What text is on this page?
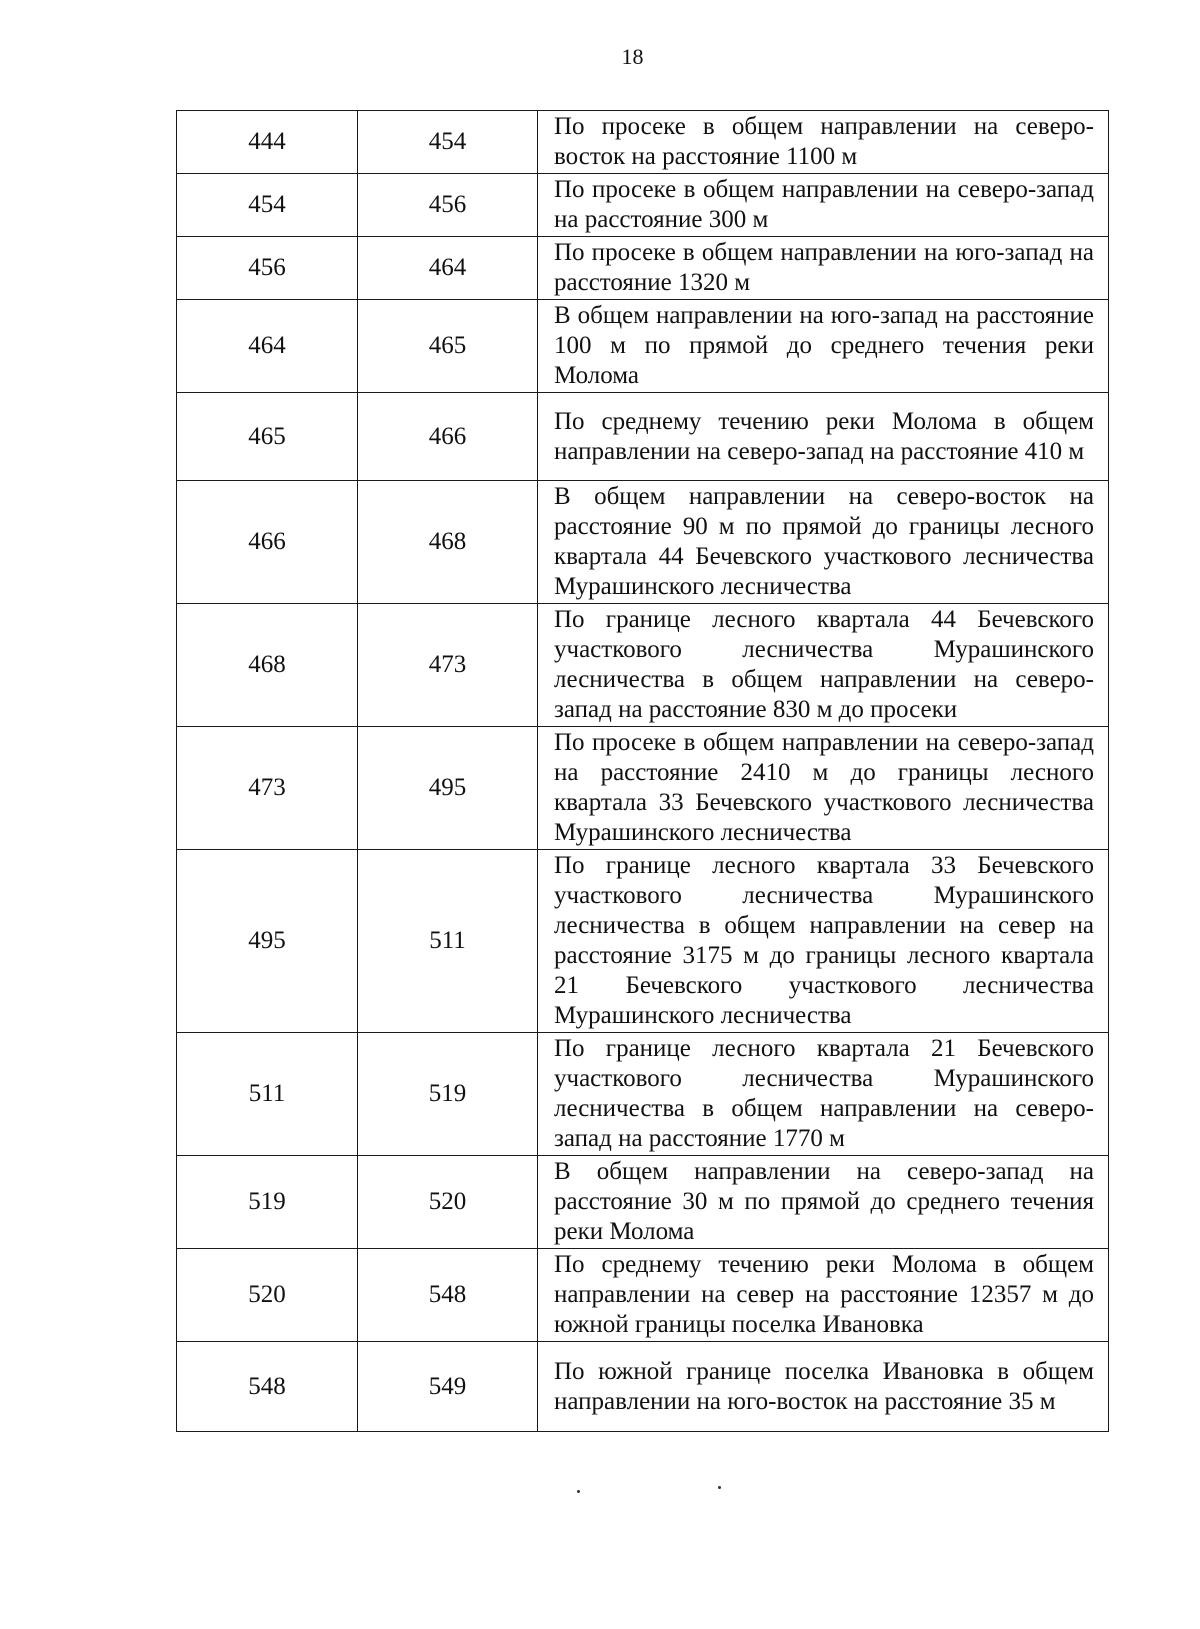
18
444	454	По просеке в общем направлении на северо-восток на расстояние 1100 м
454	456	По просеке в общем направлении на северо-запад на расстояние 300 м
456	464	По просеке в общем направлении на юго-запад на расстояние 1320 м
464	465	В общем направлении на юго-запад на расстояние 100 м по прямой до среднего течения реки Молома
465	466	По среднему течению реки Молома в общем направлении на северо-запад на расстояние 410 м
466	468	В общем направлении на северо-восток на расстояние 90 м по прямой до границы лесного квартала 44 Бечевского участкового лесничества Мурашинского лесничества
468	473	По границе лесного квартала 44 Бечевского участкового лесничества Мурашинского лесничества в общем направлении на северо-запад на расстояние 830 м до просеки
473	495	По просеке в общем направлении на северо-запад на расстояние 2410 м до границы лесного квартала 33 Бечевского участкового лесничества Мурашинского лесничества
495	511	По границе лесного квартала 33 Бечевского участкового лесничества Мурашинского лесничества в общем направлении на север на расстояние 3175 м до границы лесного квартала 21 Бечевского участкового лесничества Мурашинского лесничества
511	519	По границе лесного квартала 21 Бечевского участкового лесничества Мурашинского лесничества в общем направлении на северо-запад на расстояние 1770 м
519	520	В общем направлении на северо-запад на расстояние 30 м по прямой до среднего течения реки Молома
520	548	По среднему течению реки Молома в общем направлении на север на расстояние 12357 м до южной границы поселка Ивановка
548	549	По южной границе поселка Ивановка в общем направлении на юго-восток на расстояние 35 м
